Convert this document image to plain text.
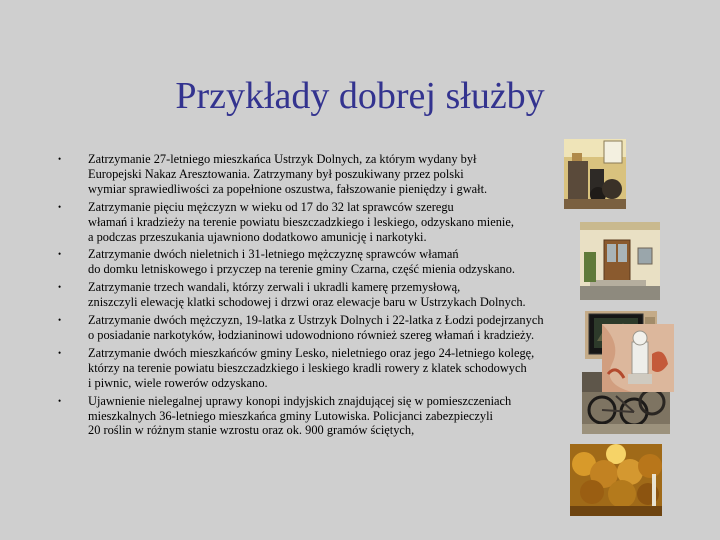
Przykłady dobrej służby
• Zatrzymanie 27-letniego mieszkańca Ustrzyk Dolnych, za którym wydany był
Europejski Nakaz Aresztowania. Zatrzymany był poszukiwany przez polski
wymiar sprawiedliwości za popełnione oszustwa, fałszowanie pieniędzy i gwałt.
• Zatrzymanie pięciu mężczyzn w wieku od 17 do 32 lat sprawców szeregu
włamań i kradzieży na terenie powiatu bieszczadzkiego i leskiego, odzyskano mienie,
a podczas przeszukania ujawniono dodatkowo amunicję i narkotyki.
• Zatrzymanie dwóch nieletnich i 31-letniego mężczyznę sprawców włamań
do domku letniskowego i przyczep na terenie gminy Czarna, część mienia odzyskano.
• Zatrzymanie trzech wandali, którzy zerwali i ukradli kamerę przemysłową,
zniszczyli elewację klatki schodowej i drzwi oraz elewacje baru w Ustrzykach Dolnych.
• Zatrzymanie dwóch mężczyzn, 19-latka z Ustrzyk Dolnych i 22-latka z Łodzi podejrzanych
o posiadanie narkotyków, łodzianinowi udowodniono również szereg włamań i kradzieży.
• Zatrzymanie dwóch mieszkańców gminy Lesko, nieletniego oraz jego 24-letniego kolegę,
którzy na terenie powiatu bieszczadzkiego i leskiego kradli rowery z klatek schodowych
i piwnic, wiele rowerów odzyskano.
• Ujawnienie nielegalnej uprawy konopi indyjskich znajdującej się w pomieszczeniach
mieszkalnych 36-letniego mieszkańca gminy Lutowiska. Policjanci zabezpieczyli
20 roślin w różnym stanie wzrostu oraz ok. 900 gramów ściętych,
